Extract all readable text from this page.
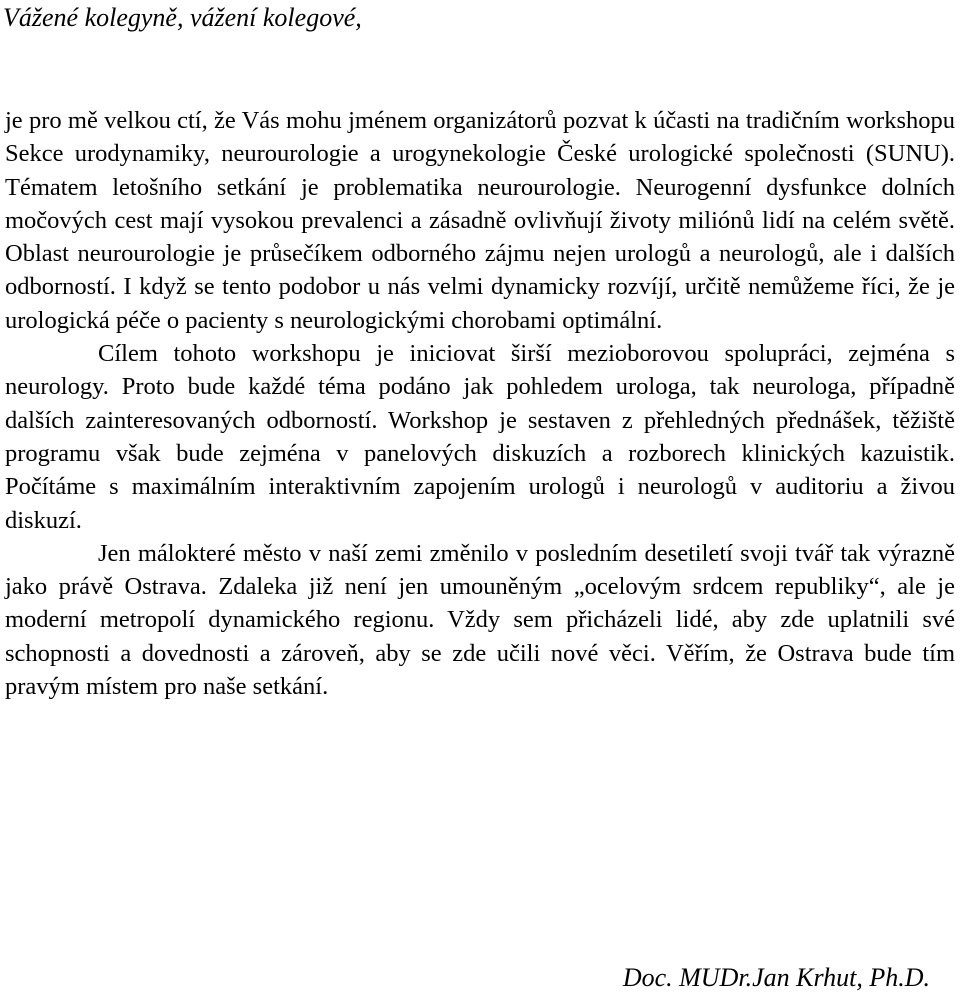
Vážené kolegyně, vážení kolegové,

je pro mě velkou ctí, že Vás mohu jménem organizátorů pozvat k účasti na tradičním workshopu Sekce urodynamiky, neurourologie a urogynekologie České urologické společnosti (SUNU). Tématem letošního setkání je problematika neurourologie. Neurogenní dysfunkce dolních močových cest mají vysokou prevalenci a zásadně ovlivňují životy miliónů lidí na celém světě. Oblast neurourologie je průsečíkem odborného zájmu nejen urologů a neurologů, ale i dalších odborností. I když se tento podobor u nás velmi dynamicky rozvíjí, určitě nemůžeme říci, že je urologická péče o pacienty s neurologickými chorobami optimální.

Cílem tohoto workshopu je iniciovat širší mezioborovou spolupráci, zejména s neurology. Proto bude každé téma podáno jak pohledem urologa, tak neurologa, případně dalších zainteresovaných odborností. Workshop je sestaven z přehledných přednášek, těžiště programu však bude zejména v panelových diskuzích a rozborech klinických kazuistik. Počítáme s maximálním interaktivním zapojením urologů i neurologů v auditoriu a živou diskuzí.

Jen málokteré město v naší zemi změnilo v posledním desetiletí svoji tvář tak výrazně jako právě Ostrava. Zdaleka již není jen umouněným „ocelovým srdcem republiky“, ale je moderní metropolí dynamického regionu. Vždy sem přicházeli lidé, aby zde uplatnili své schopnosti a dovednosti a zároveň, aby se zde učili nové věci. Věřím, že Ostrava bude tím pravým místem pro naše setkání.

Doc. MUDr.Jan Krhut, Ph.D.
